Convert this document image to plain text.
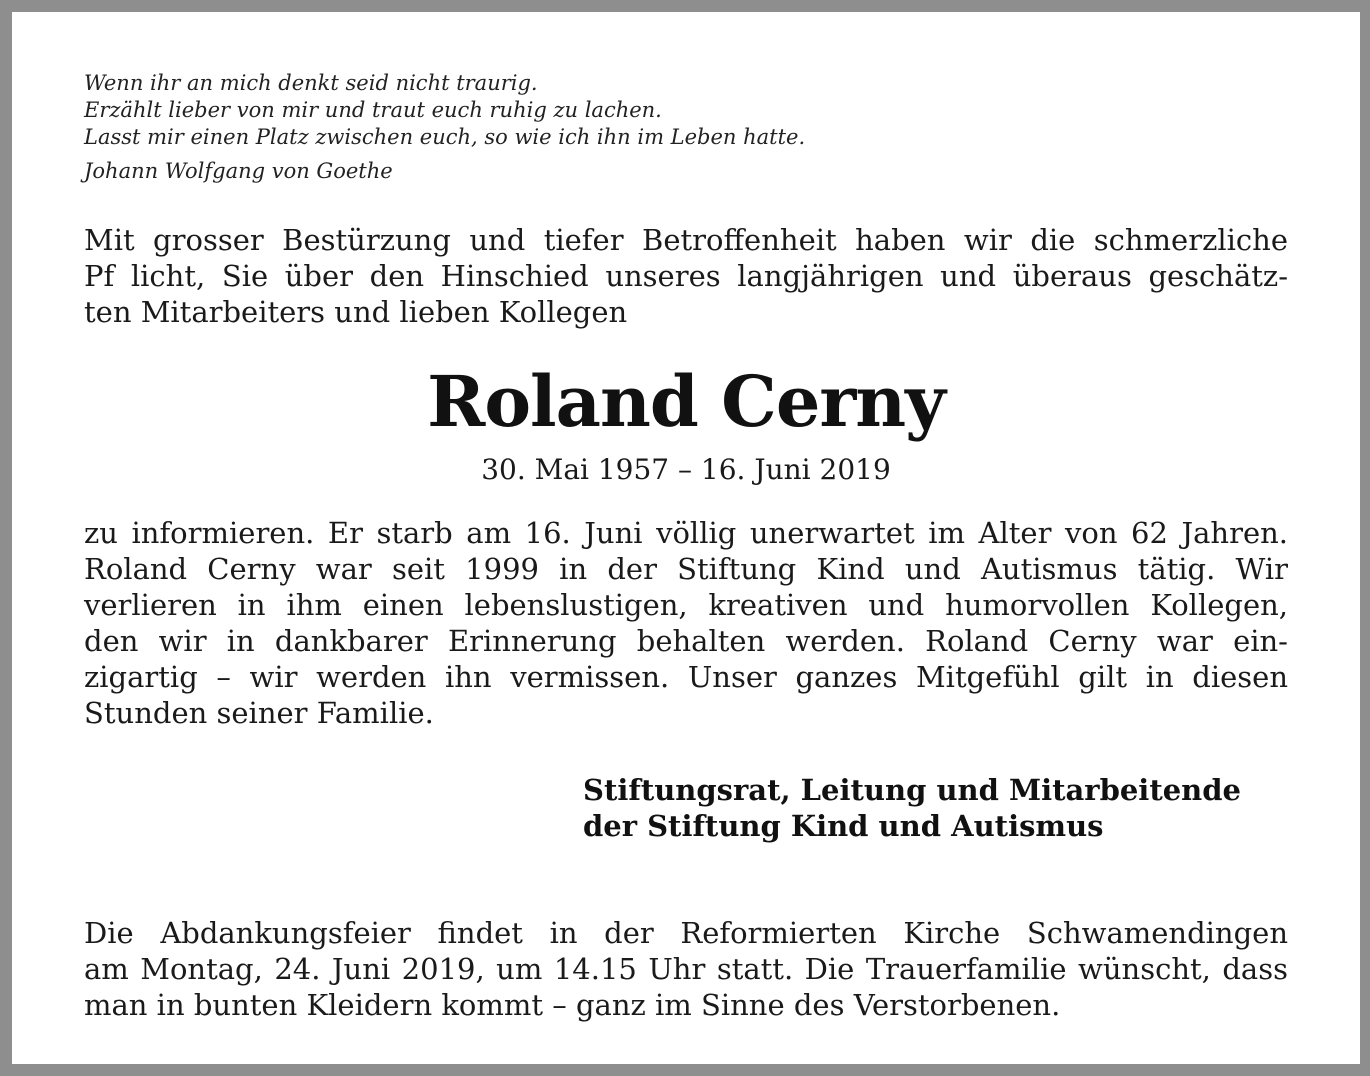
Wenn ihr an mich denkt seid nicht traurig.
Erzählt lieber von mir und traut euch ruhig zu lachen.
Lasst mir einen Platz zwischen euch, so wie ich ihn im Leben hatte.
Johann Wolfgang von Goethe
Mit grosser Bestürzung und tiefer Betroffenheit haben wir die schmerzliche
Pf licht, Sie über den Hinschied unseres langjährigen und überaus geschätz-
ten Mitarbeiters und lieben Kollegen
Roland Cerny
30. Mai 1957 – 16. Juni 2019
zu informieren. Er starb am 16. Juni völlig unerwartet im Alter von 62 Jahren.
Roland Cerny war seit 1999 in der Stiftung Kind und Autismus tätig. Wir
verlieren in ihm einen lebenslustigen, kreativen und humorvollen Kollegen,
den wir in dankbarer Erinnerung behalten werden. Roland Cerny war ein-
zigartig – wir werden ihn vermissen. Unser ganzes Mitgefühl gilt in diesen
Stunden seiner Familie.
Stiftungsrat, Leitung und Mitarbeitende
der Stiftung Kind und Autismus
Die Abdankungsfeier findet in der Reformierten Kirche Schwamendingen
am Montag, 24. Juni 2019, um 14.15 Uhr statt. Die Trauerfamilie wünscht, dass
man in bunten Kleidern kommt – ganz im Sinne des Verstorbenen.
